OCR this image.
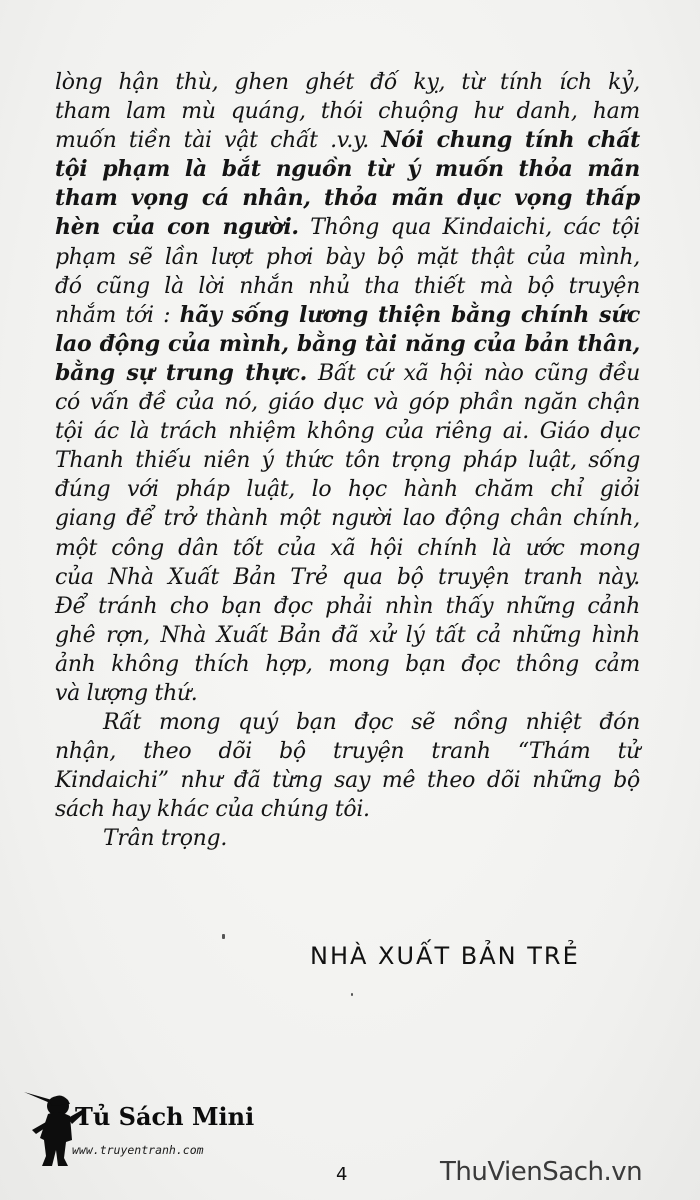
lòng hận thù, ghen ghét đố kỵ, từ tính ích kỷ,
tham lam mù quáng, thói chuộng hư danh, ham
muốn tiền tài vật chất .v.y. Nói chung tính chất
tội phạm là bắt nguồn từ ý muốn thỏa mãn
tham vọng cá nhân, thỏa mãn dục vọng thấp
hèn của con người. Thông qua Kindaichi, các tội
phạm sẽ lần lượt phơi bày bộ mặt thật của mình,
đó cũng là lời nhắn nhủ tha thiết mà bộ truyện
nhắm tới : hãy sống lương thiện bằng chính sức
lao động của mình, bằng tài năng của bản thân,
bằng sự trung thực. Bất cứ xã hội nào cũng đều
có vấn đề của nó, giáo dục và góp phần ngăn chận
tội ác là trách nhiệm không của riêng ai. Giáo dục
Thanh thiếu niên ý thức tôn trọng pháp luật, sống
đúng với pháp luật, lo học hành chăm chỉ giỏi
giang để trở thành một người lao động chân chính,
một công dân tốt của xã hội chính là ước mong
của Nhà Xuất Bản Trẻ qua bộ truyện tranh này.
Để tránh cho bạn đọc phải nhìn thấy những cảnh
ghê rợn, Nhà Xuất Bản đã xử lý tất cả những hình
ảnh không thích hợp, mong bạn đọc thông cảm
và lượng thứ.
Rất mong quý bạn đọc sẽ nồng nhiệt đón
nhận, theo dõi bộ truyện tranh “Thám tử
Kindaichi” như đã từng say mê theo dõi những bộ
sách hay khác của chúng tôi.
Trân trọng.
NHÀ XUẤT BẢN TRẺ
Tủ Sách Mini
www.truyentranh.com
4	ThuVienSach.vn
